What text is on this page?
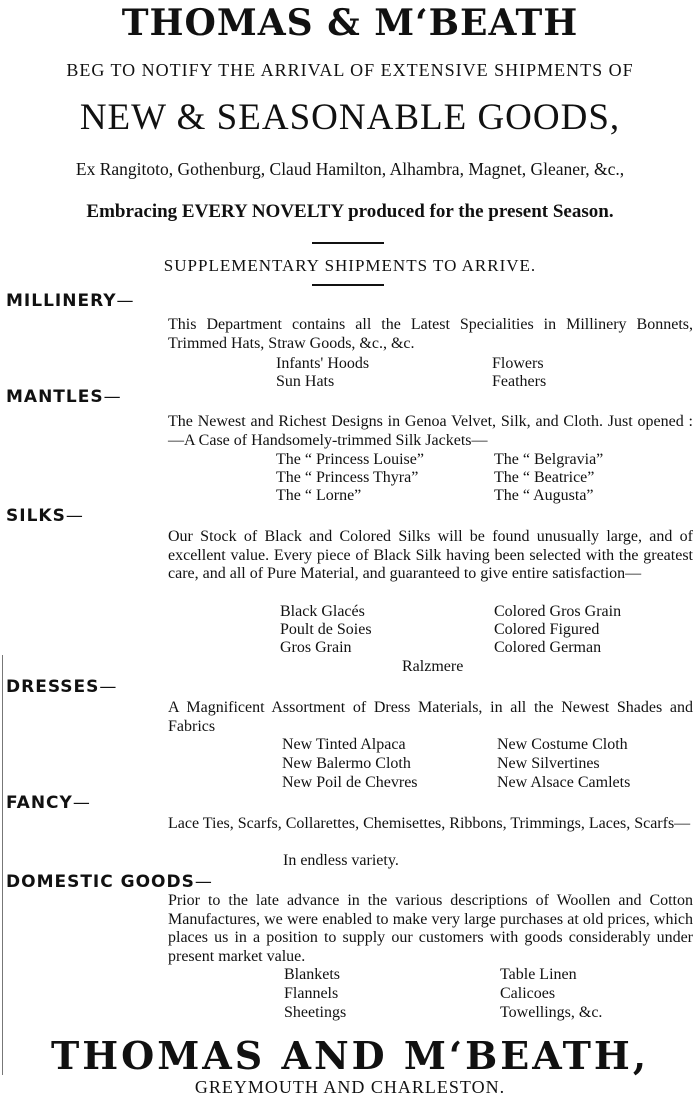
THOMAS & M‘BEATH
BEG TO NOTIFY THE ARRIVAL OF EXTENSIVE SHIPMENTS OF
NEW & SEASONABLE GOODS,
Ex Rangitoto, Gothenburg, Claud Hamilton, Alhambra, Magnet, Gleaner, &c.,
Embracing EVERY NOVELTY produced for the present Season.
SUPPLEMENTARY SHIPMENTS TO ARRIVE.
MILLINERY—
This Department contains all the Latest Specialities in Millinery Bonnets, Trimmed Hats, Straw Goods, &c., &c.
Infants' Hoods	Flowers
Sun Hats	Feathers
MANTLES—
The Newest and Richest Designs in Genoa Velvet, Silk, and Cloth. Just opened :—A Case of Handsomely-trimmed Silk Jackets—
The “ Princess Louise”	The “ Belgravia”
The “ Princess Thyra”	The “ Beatrice”
The “ Lorne”	The “ Augusta”
SILKS—
Our Stock of Black and Colored Silks will be found unusually large, and of excellent value. Every piece of Black Silk having been selected with the greatest care, and all of Pure Material, and guaranteed to give entire satisfaction—
Black Glacés	Colored Gros Grain
Poult de Soies	Colored Figured
Gros Grain	Colored German
Ralzmere
DRESSES—
A Magnificent Assortment of Dress Materials, in all the Newest Shades and Fabrics
New Tinted Alpaca	New Costume Cloth
New Balermo Cloth	New Silvertines
New Poil de Chevres	New Alsace Camlets
FANCY—
Lace Ties, Scarfs, Collarettes, Chemisettes, Ribbons, Trimmings, Laces, Scarfs—
In endless variety.
DOMESTIC GOODS—
Prior to the late advance in the various descriptions of Woollen and Cotton Manufactures, we were enabled to make very large purchases at old prices, which places us in a position to supply our customers with goods considerably under present market value.
Blankets	Table Linen
Flannels	Calicoes
Sheetings	Towellings, &c.
THOMAS AND M‘BEATH,
GREYMOUTH AND CHARLESTON.
